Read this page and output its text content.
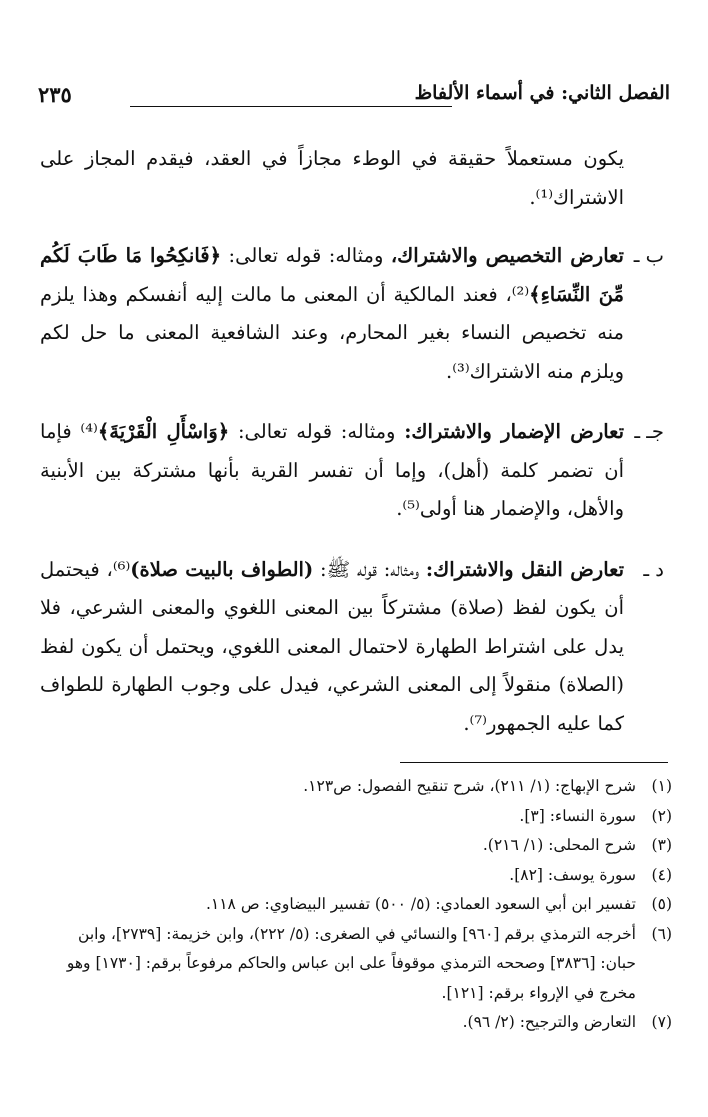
الفصل الثاني: في أسماء الألفاظ
٢٣٥

يكون مستعملاً حقيقة في الوطء مجازاً في العقد، فيقدم المجاز على الاشتراك⁽¹⁾.

ب ـ
تعارض التخصيص والاشتراك، ومثاله: قوله تعالى: ﴿فَانكِحُوا مَا طَابَ لَكُم مِّنَ النِّسَاءِ﴾⁽²⁾، فعند المالكية أن المعنى ما مالت إليه أنفسكم وهذا يلزم منه تخصيص النساء بغير المحارم، وعند الشافعية المعنى ما حل لكم ويلزم منه الاشتراك⁽³⁾.
جـ ـ
تعارض الإضمار والاشتراك: ومثاله: قوله تعالى: ﴿وَاسْأَلِ الْقَرْيَةَ﴾⁽⁴⁾ فإما أن تضمر كلمة (أهل)، وإما أن تفسر القرية بأنها مشتركة بين الأبنية والأهل، والإضمار هنا أولى⁽⁵⁾.
د ـ
تعارض النقل والاشتراك: ومثاله: قوله ﷺ: (الطواف بالبيت صلاة)⁽⁶⁾، فيحتمل أن يكون لفظ (صلاة) مشتركاً بين المعنى اللغوي والمعنى الشرعي، فلا يدل على اشتراط الطهارة لاحتمال المعنى اللغوي، ويحتمل أن يكون لفظ (الصلاة) منقولاً إلى المعنى الشرعي، فيدل على وجوب الطهارة للطواف كما عليه الجمهور⁽⁷⁾.
(١)
شرح الإبهاج: (١/ ٢١١)، شرح تنقيح الفصول: ص١٢٣.
(٢)
سورة النساء: [٣].
(٣)
شرح المحلى: (١/ ٢١٦).
(٤)
سورة يوسف: [٨٢].
(٥)
تفسير ابن أبي السعود العمادي: (٥/ ٥٠٠) تفسير البيضاوي: ص ١١٨.
(٦)
أخرجه الترمذي برقم [٩٦٠] والنسائي في الصغرى: (٥/ ٢٢٢)، وابن خزيمة: [٢٧٣٩]، وابن حبان: [٣٨٣٦] وصححه الترمذي موقوفاً على ابن عباس والحاكم مرفوعاً برقم: [١٧٣٠] وهو مخرج في الإرواء برقم: [١٢١].
(٧)
التعارض والترجيح: (٢/ ٩٦).
